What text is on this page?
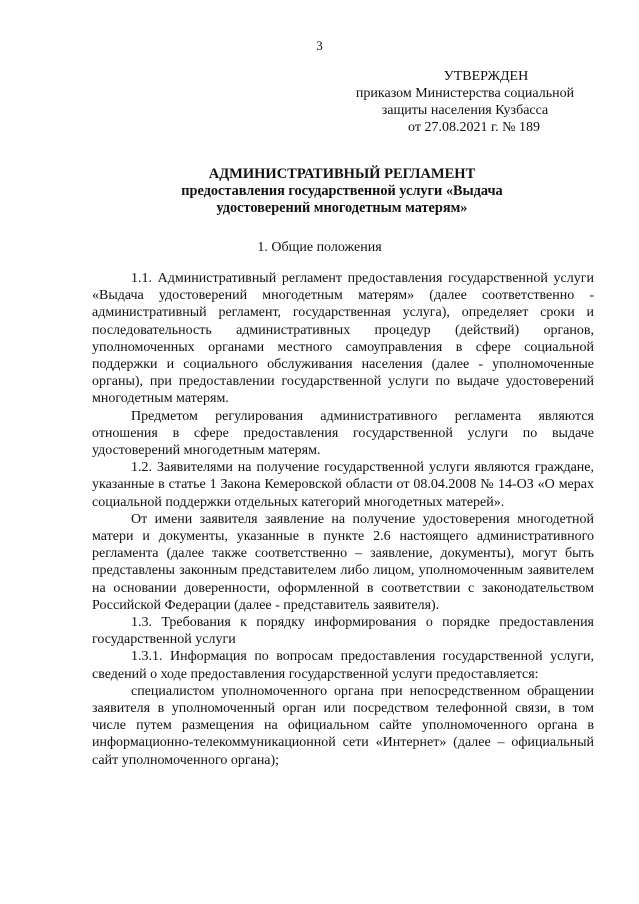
3
УТВЕРЖДЕН
приказом Министерства социальной
защиты населения Кузбасса
от 27.08.2021 г. № 189
АДМИНИСТРАТИВНЫЙ РЕГЛАМЕНТ
предоставления государственной услуги «Выдача
удостоверений многодетным матерям»
1. Общие положения

1.1. Административный регламент предоставления государственной услуги «Выдача удостоверений многодетным матерям» (далее соответственно - административный регламент, государственная услуга), определяет сроки и последовательность административных процедур (действий) органов, уполномоченных органами местного самоуправления в сфере социальной поддержки и социального обслуживания населения (далее - уполномоченные органы), при предоставлении государственной услуги по выдаче удостоверений многодетным матерям.

Предметом регулирования административного регламента являются отношения в сфере предоставления государственной услуги по выдаче удостоверений многодетным матерям.

1.2. Заявителями на получение государственной услуги являются граждане, указанные в статье 1 Закона Кемеровской области от 08.04.2008 № 14-ОЗ «О мерах социальной поддержки отдельных категорий многодетных матерей».

От имени заявителя заявление на получение удостоверения многодетной матери и документы, указанные в пункте 2.6 настоящего административного регламента (далее также соответственно – заявление, документы), могут быть представлены законным представителем либо лицом, уполномоченным заявителем на основании доверенности, оформленной в соответствии с законодательством Российской Федерации (далее - представитель заявителя).

1.3. Требования к порядку информирования о порядке предоставления государственной услуги

1.3.1. Информация по вопросам предоставления государственной услуги, сведений о ходе предоставления государственной услуги предоставляется:

специалистом уполномоченного органа при непосредственном обращении заявителя в уполномоченный орган или посредством телефонной связи, в том числе путем размещения на официальном сайте уполномоченного органа в информационно-телекоммуникационной сети «Интернет» (далее – официальный сайт уполномоченного органа);
